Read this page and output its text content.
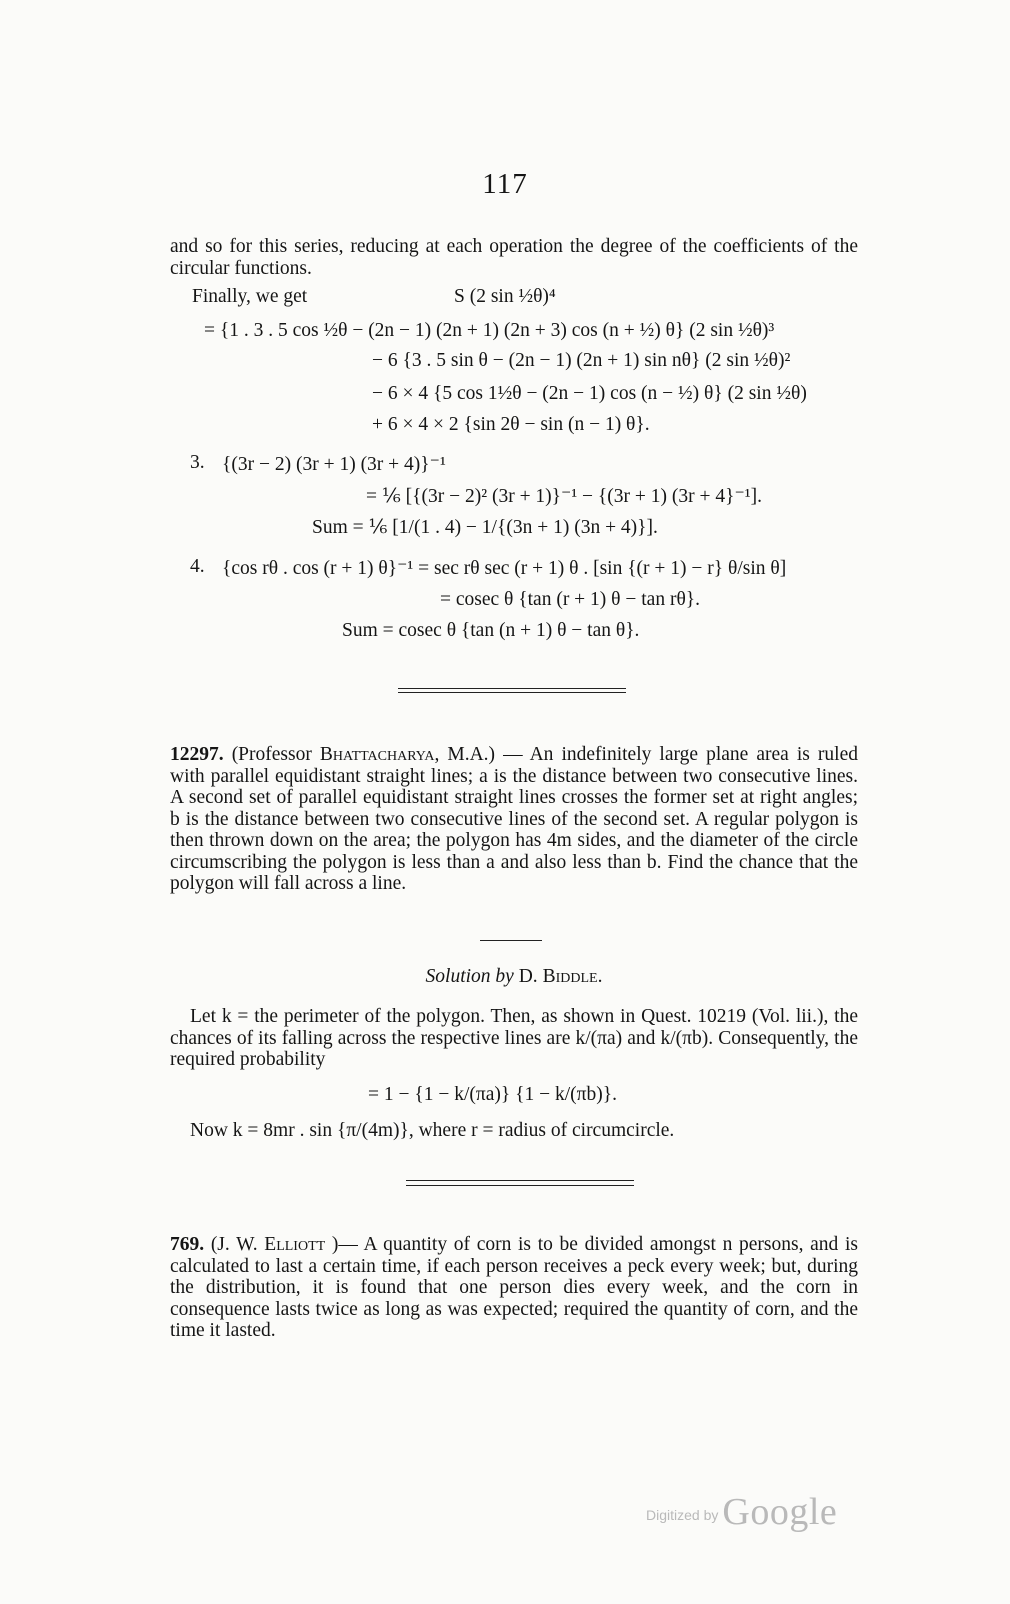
117
and so for this series, reducing at each operation the degree of the coefficients of the circular functions.
Finally, we get	S (2 sin ½θ)⁴
= {1 . 3 . 5 cos ½θ − (2n − 1) (2n + 1) (2n + 3) cos (n + ½) θ} (2 sin ½θ)³
− 6 {3 . 5 sin θ − (2n − 1) (2n + 1) sin nθ} (2 sin ½θ)²
− 6 × 4 {5 cos 1½θ − (2n − 1) cos (n − ½) θ} (2 sin ½θ)
+ 6 × 4 × 2 {sin 2θ − sin (n − 1) θ}.
3. {(3r − 2) (3r + 1) (3r + 4)}⁻¹
= ⅙ [{(3r − 2)² (3r + 1)}⁻¹ − {(3r + 1) (3r + 4}⁻¹].
Sum = ⅙ [1/(1 . 4) − 1/{(3n + 1) (3n + 4)}].
4. {cos rθ . cos (r + 1) θ}⁻¹ = sec rθ sec (r + 1) θ . [sin {(r + 1) − r} θ/sin θ]
= cosec θ {tan (r + 1) θ − tan rθ}.
Sum = cosec θ {tan (n + 1) θ − tan θ}.
12297. (Professor Bhattacharya, M.A.) — An indefinitely large plane area is ruled with parallel equidistant straight lines; a is the distance between two consecutive lines. A second set of parallel equidistant straight lines crosses the former set at right angles; b is the distance between two consecutive lines of the second set. A regular polygon is then thrown down on the area; the polygon has 4m sides, and the diameter of the circle circumscribing the polygon is less than a and also less than b. Find the chance that the polygon will fall across a line.
Solution by D. Biddle.
Let k = the perimeter of the polygon. Then, as shown in Quest. 10219 (Vol. lii.), the chances of its falling across the respective lines are k/(πa) and k/(πb). Consequently, the required probability
= 1 − {1 − k/(πa)} {1 − k/(πb)}.
Now k = 8mr . sin {π/(4m)}, where r = radius of circumcircle.
769. (J. W. Elliott )— A quantity of corn is to be divided amongst n persons, and is calculated to last a certain time, if each person receives a peck every week; but, during the distribution, it is found that one person dies every week, and the corn in consequence lasts twice as long as was expected; required the quantity of corn, and the time it lasted.
Digitized by Google
